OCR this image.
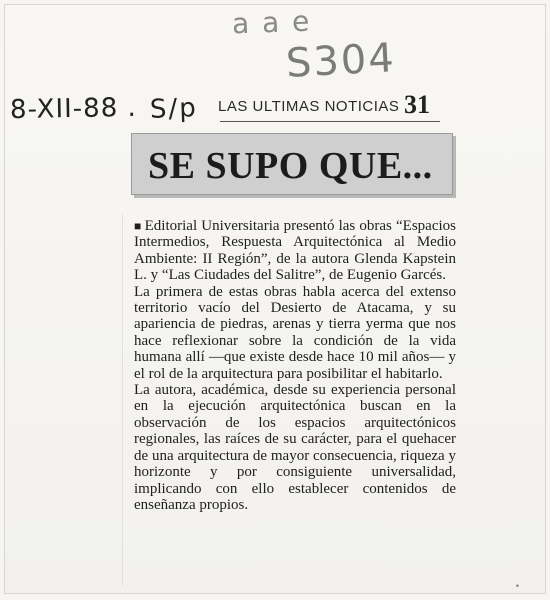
a a e
S304
8-XII-88 . S/p LAS ULTIMAS NOTICIAS 31
SE SUPO QUE...

■ Editorial Universitaria presentó las obras “Espacios Intermedios, Respuesta Arquitectónica al Medio Ambiente: II Región”, de la autora Glenda Kapstein L. y “Las Ciudades del Salitre”, de Eugenio Garcés.

La primera de estas obras habla acerca del extenso territorio vacío del Desierto de Atacama, y su apariencia de piedras, arenas y tierra yerma que nos hace reflexionar sobre la condición de la vida humana allí —que existe desde hace 10 mil años— y el rol de la arquitectura para posibilitar el habitarlo.

La autora, académica, desde su experiencia personal en la ejecución arquitectónica buscan en la observación de los espacios arquitectónicos regionales, las raíces de su carácter, para el quehacer de una arquitectura de mayor consecuencia, riqueza y horizonte y por consiguiente universalidad, implicando con ello establecer contenidos de enseñanza propios.

•
